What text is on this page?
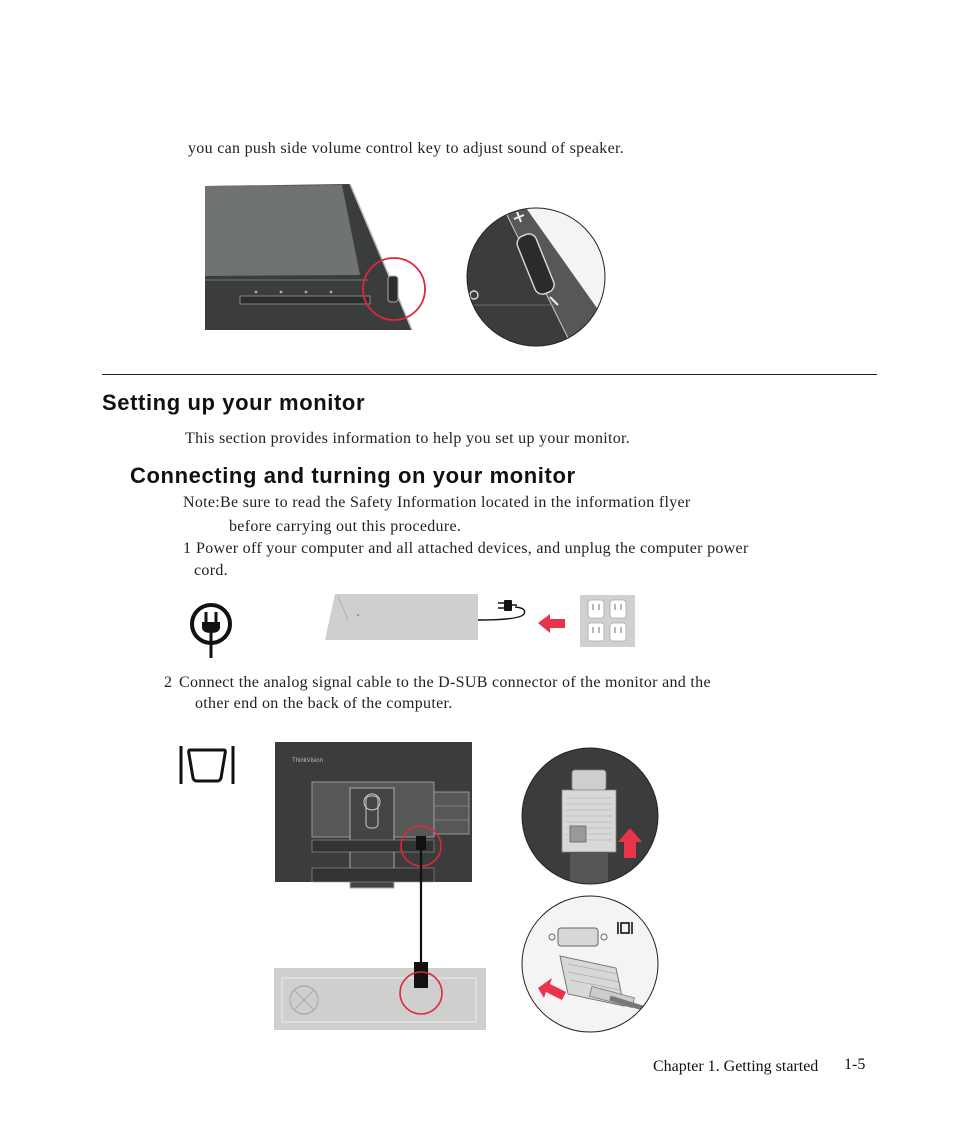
you can push side volume control key to adjust sound of speaker.
Setting up your monitor
This section provides information to help you set up your monitor.
Connecting and turning on your monitor
Note:Be sure to read the Safety Information located in the information flyer
before carrying out this procedure.
1 Power off your computer and all attached devices, and unplug the computer power
cord.
2 Connect the analog signal cable to the D-SUB connector of the monitor and the
other end on the back of the computer.
ThinkVision
Chapter 1. Getting started 1-5
